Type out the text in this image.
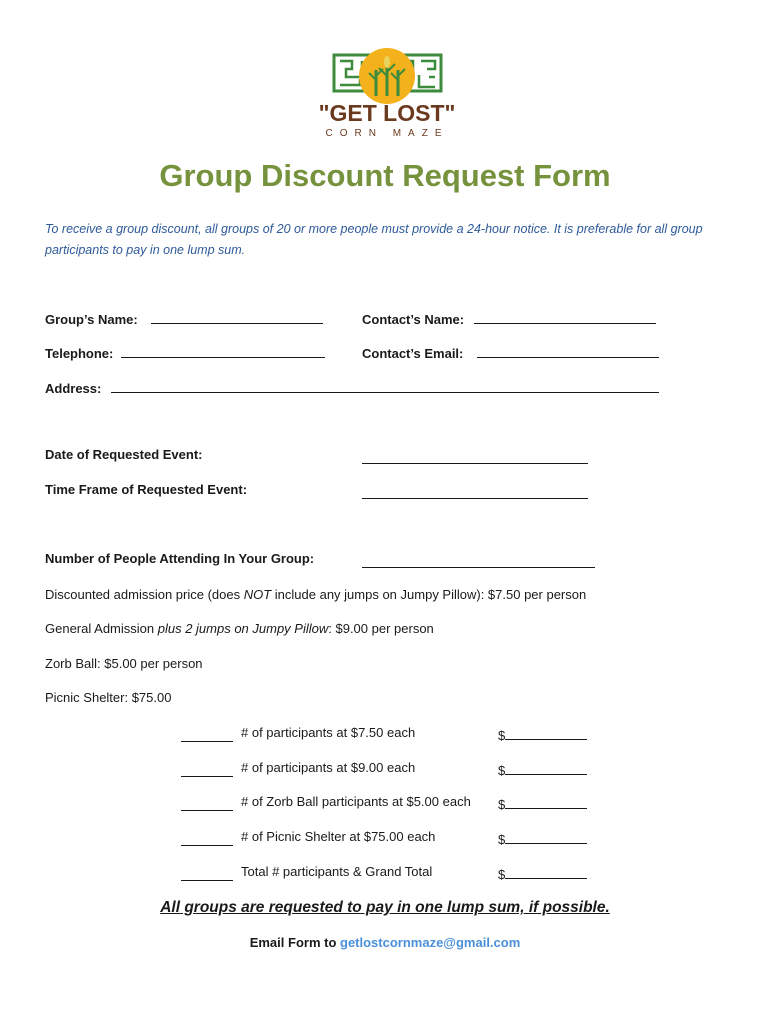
"GET LOST"
CORN MAZE
Group Discount Request Form
To receive a group discount, all groups of 20 or more people must provide a 24-hour notice. It is preferable for all group participants to pay in one lump sum.
Group’s Name:	Contact’s Name:
Telephone:	Contact’s Email:
Address:
Date of Requested Event:
Time Frame of Requested Event:
Number of People Attending In Your Group:
Discounted admission price (does NOT include any jumps on Jumpy Pillow): $7.50 per person
General Admission plus 2 jumps on Jumpy Pillow: $9.00 per person
Zorb Ball: $5.00 per person
Picnic Shelter: $75.00
# of participants at $7.50 each	$
# of participants at $9.00 each	$
# of Zorb Ball participants at $5.00 each $
# of Picnic Shelter at $75.00 each	$
Total # participants & Grand Total	$
All groups are requested to pay in one lump sum, if possible.
Email Form to getlostcornmaze@gmail.com
